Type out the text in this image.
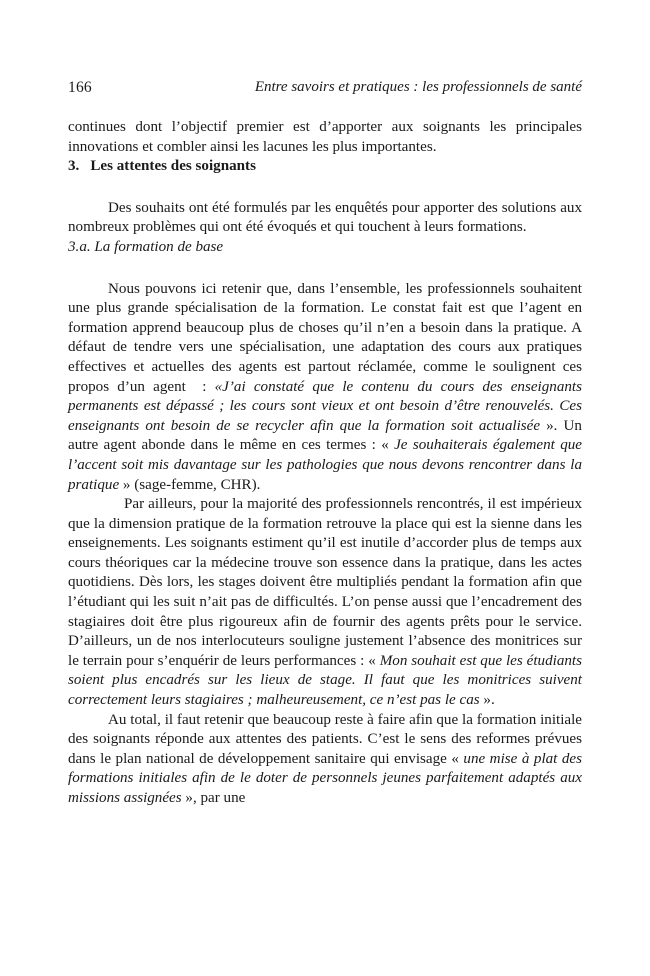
166	Entre savoirs et pratiques : les professionnels de santé

continues dont l’objectif premier est d’apporter aux soignants les principales innovations et combler ainsi les lacunes les plus importantes.

3. Les attentes des soignants

Des souhaits ont été formulés par les enquêtés pour apporter des solutions aux nombreux problèmes qui ont été évoqués et qui touchent à leurs formations.

3.a. La formation de base

Nous pouvons ici retenir que, dans l’ensemble, les professionnels souhaitent une plus grande spécialisation de la formation. Le constat fait est que l’agent en formation apprend beaucoup plus de choses qu’il n’en a besoin dans la pratique. A défaut de tendre vers une spécialisation, une adaptation des cours aux pratiques effectives et actuelles des agents est partout réclamée, comme le soulignent ces propos d’un agent  : «J’ai constaté que le contenu du cours des enseignants permanents est dépassé ; les cours sont vieux et ont besoin d’être renouvelés. Ces enseignants ont besoin de se recycler afin que la formation soit actualisée ». Un autre agent abonde dans le même en ces termes : « Je souhaiterais également que l’accent soit mis davantage sur les pathologies que nous devons rencontrer dans la pratique » (sage-femme, CHR).

Par ailleurs, pour la majorité des professionnels rencontrés, il est impérieux que la dimension pratique de la formation retrouve la place qui est la sienne dans les enseignements. Les soignants estiment qu’il est inutile d’accorder plus de temps aux cours théoriques car la médecine trouve son essence dans la pratique, dans les actes quotidiens. Dès lors, les stages doivent être multipliés pendant la formation afin que l’étudiant qui les suit n’ait pas de difficultés. L’on pense aussi que l’encadrement des stagiaires doit être plus rigoureux afin de fournir des agents prêts pour le service. D’ailleurs, un de nos interlocuteurs souligne justement l’absence des monitrices sur le terrain pour s’enquérir de leurs performances : « Mon souhait est que les étudiants soient plus encadrés sur les lieux de stage. Il faut que les monitrices suivent correctement leurs stagiaires ; malheureusement, ce n’est pas le cas ».

Au total, il faut retenir que beaucoup reste à faire afin que la formation initiale des soignants réponde aux attentes des patients. C’est le sens des reformes prévues dans le plan national de développement sanitaire qui envisage « une mise à plat des formations initiales afin de le doter de personnels jeunes parfaitement adaptés aux missions assignées », par une
